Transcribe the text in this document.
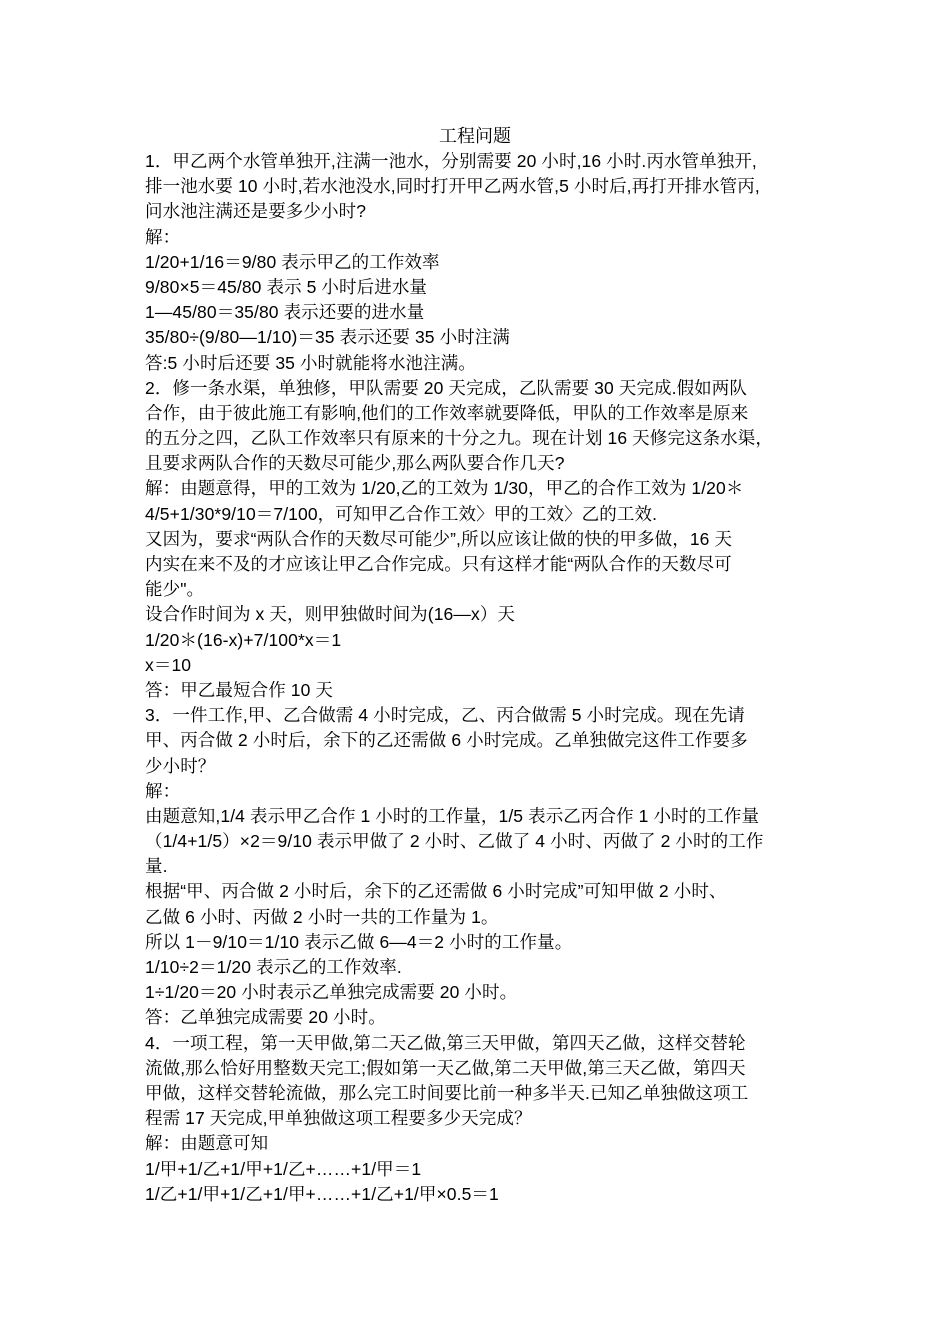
工程问题
1．甲乙两个水管单独开,注满一池水，分别需要 20 小时,16 小时.丙水管单独开,
排一池水要 10 小时,若水池没水,同时打开甲乙两水管,5 小时后,再打开排水管丙,
问水池注满还是要多少小时?
解：
1/20+1/16＝9/80 表示甲乙的工作效率
9/80×5＝45/80 表示 5 小时后进水量
1—45/80＝35/80 表示还要的进水量
35/80÷(9/80—1/10)＝35 表示还要 35 小时注满
答:5 小时后还要 35 小时就能将水池注满。
2．修一条水渠，单独修，甲队需要 20 天完成，乙队需要 30 天完成.假如两队
合作，由于彼此施工有影响,他们的工作效率就要降低，甲队的工作效率是原来
的五分之四，乙队工作效率只有原来的十分之九。现在计划 16 天修完这条水渠，
且要求两队合作的天数尽可能少,那么两队要合作几天?
解：由题意得，甲的工效为 1/20,乙的工效为 1/30，甲乙的合作工效为 1/20＊
4/5+1/30*9/10＝7/100，可知甲乙合作工效〉甲的工效〉乙的工效.
又因为，要求“两队合作的天数尽可能少”,所以应该让做的快的甲多做，16 天
内实在来不及的才应该让甲乙合作完成。只有这样才能“两队合作的天数尽可
能少"。
设合作时间为 x 天，则甲独做时间为(16—x）天
1/20＊(16-x)+7/100*x＝1
x＝10
答：甲乙最短合作 10 天
3．一件工作,甲、乙合做需 4 小时完成，乙、丙合做需 5 小时完成。现在先请
甲、丙合做 2 小时后，余下的乙还需做 6 小时完成。乙单独做完这件工作要多
少小时？
解：
由题意知,1/4 表示甲乙合作 1 小时的工作量，1/5 表示乙丙合作 1 小时的工作量
（1/4+1/5）×2＝9/10 表示甲做了 2 小时、乙做了 4 小时、丙做了 2 小时的工作
量.
根据“甲、丙合做 2 小时后，余下的乙还需做 6 小时完成”可知甲做 2 小时、
乙做 6 小时、丙做 2 小时一共的工作量为 1。
所以 1－9/10＝1/10 表示乙做 6—4＝2 小时的工作量。
1/10÷2＝1/20 表示乙的工作效率.
1÷1/20＝20 小时表示乙单独完成需要 20 小时。
答：乙单独完成需要 20 小时。
4．一项工程，第一天甲做,第二天乙做,第三天甲做，第四天乙做，这样交替轮
流做,那么恰好用整数天完工;假如第一天乙做,第二天甲做,第三天乙做，第四天
甲做，这样交替轮流做，那么完工时间要比前一种多半天.已知乙单独做这项工
程需 17 天完成,甲单独做这项工程要多少天完成？
解：由题意可知
1/甲+1/乙+1/甲+1/乙+……+1/甲＝1
1/乙+1/甲+1/乙+1/甲+……+1/乙+1/甲×0.5＝1
